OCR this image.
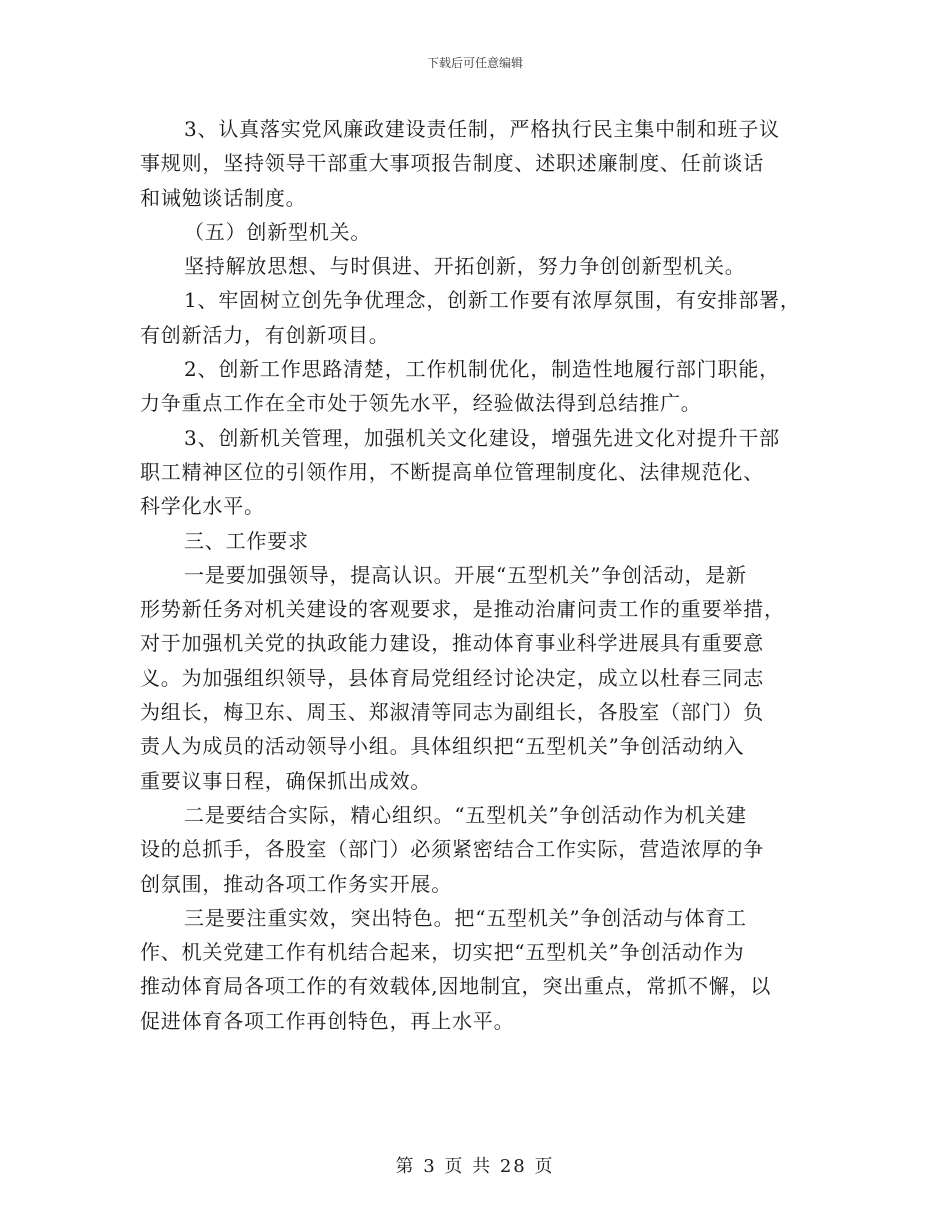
下载后可任意编辑
3、认真落实党风廉政建设责任制，严格执行民主集中制和班子议
事规则，坚持领导干部重大事项报告制度、述职述廉制度、任前谈话
和诫勉谈话制度。
（五）创新型机关。
坚持解放思想、与时俱进、开拓创新，努力争创创新型机关。
1、牢固树立创先争优理念，创新工作要有浓厚氛围，有安排部署，
有创新活力，有创新项目。
2、创新工作思路清楚，工作机制优化，制造性地履行部门职能，
力争重点工作在全市处于领先水平，经验做法得到总结推广。
3、创新机关管理，加强机关文化建设，增强先进文化对提升干部
职工精神区位的引领作用，不断提高单位管理制度化、法律规范化、
科学化水平。
三、工作要求
一是要加强领导，提高认识。开展“五型机关”争创活动，是新
形势新任务对机关建设的客观要求，是推动治庸问责工作的重要举措，
对于加强机关党的执政能力建设，推动体育事业科学进展具有重要意
义。为加强组织领导，县体育局党组经讨论决定，成立以杜春三同志
为组长，梅卫东、周玉、郑淑清等同志为副组长，各股室（部门）负
责人为成员的活动领导小组。具体组织把“五型机关”争创活动纳入
重要议事日程，确保抓出成效。
二是要结合实际，精心组织。“五型机关”争创活动作为机关建
设的总抓手，各股室（部门）必须紧密结合工作实际，营造浓厚的争
创氛围，推动各项工作务实开展。
三是要注重实效，突出特色。把“五型机关”争创活动与体育工
作、机关党建工作有机结合起来，切实把“五型机关”争创活动作为
推动体育局各项工作的有效载体,因地制宜，突出重点，常抓不懈，以
促进体育各项工作再创特色，再上水平。
第 3 页 共 28 页
